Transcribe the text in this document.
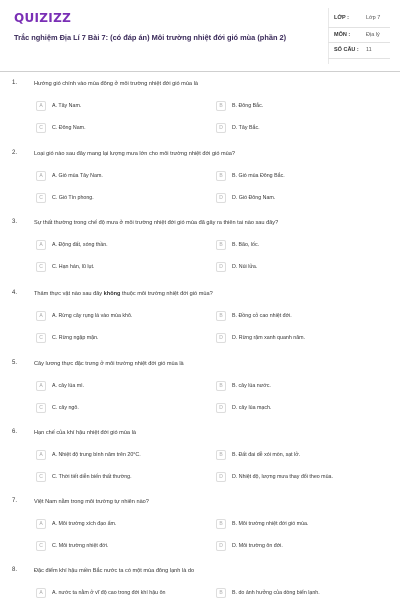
QUIZIZZ
Trắc nghiệm Địa Lí 7 Bài 7: (có đáp án) Môi trường nhiệt đới gió mùa (phần 2)
LỚP :	Lớp 7
MÔN :	Địa lý
SỐ CÂU : 11
1.	Hướng gió chính vào mùa đông ở môi trường nhiệt đới gió mùa là
A	A. Tây Nam.	B	B. Đông Bắc.
C	C. Đông Nam.	D	D. Tây Bắc.
2.	Loại gió nào sau đây mang lại lượng mưa lớn cho môi trường nhiệt đới gió mùa?
A	A. Gió mùa Tây Nam.	B	B. Gió mùa Đông Bắc.
C	C. Gió Tín phong.	D	D. Gió Đông Nam.
3.	Sự thất thường trong chế độ mưa ở môi trường nhiệt đới gió mùa đã gây ra thiên tai nào sau đây?
A	A. Động đất, sóng thần.	B	B. Bão, lốc.
C	C. Hạn hán, lũ lụt.	D	D. Núi lửa.
4.	Thảm thực vật nào sau đây không thuộc môi trường nhiệt đới gió mùa?
A	A. Rừng cây rụng lá vào mùa khô.	B	B. Đồng cỏ cao nhiệt đới.
C	C. Rừng ngập mặn.	D	D. Rừng rậm xanh quanh năm.
5.	Cây lương thực đặc trưng ở môi trường nhiệt đới gió mùa là
A	A. cây lúa mì.	B	B. cây lúa nước.
C	C. cây ngô.	D	D. cây lúa mạch.
6.	Hạn chế của khí hậu nhiệt đới gió mùa là
A	A. Nhiệt độ trung bình năm trên 20°C.	B	B. Đất đai dễ xói mòn, sạt lở.
C	C. Thời tiết diễn biến thất thường.	D	D. Nhiệt độ, lượng mưa thay đổi theo mùa.
7.	Việt Nam nằm trong môi trường tự nhiên nào?
A	A. Môi trường xích đạo ẩm.	B	B. Môi trường nhiệt đới gió mùa.
C	C. Môi trường nhiệt đới.	D	D. Môi trường ôn đới.
8.	Đặc điểm khí hậu miền Bắc nước ta có một mùa đông lạnh là do
A	A. nước ta nằm ở vĩ độ cao trong đới khí hậu ôn	B	B. do ảnh hưởng của dòng biển lạnh.
